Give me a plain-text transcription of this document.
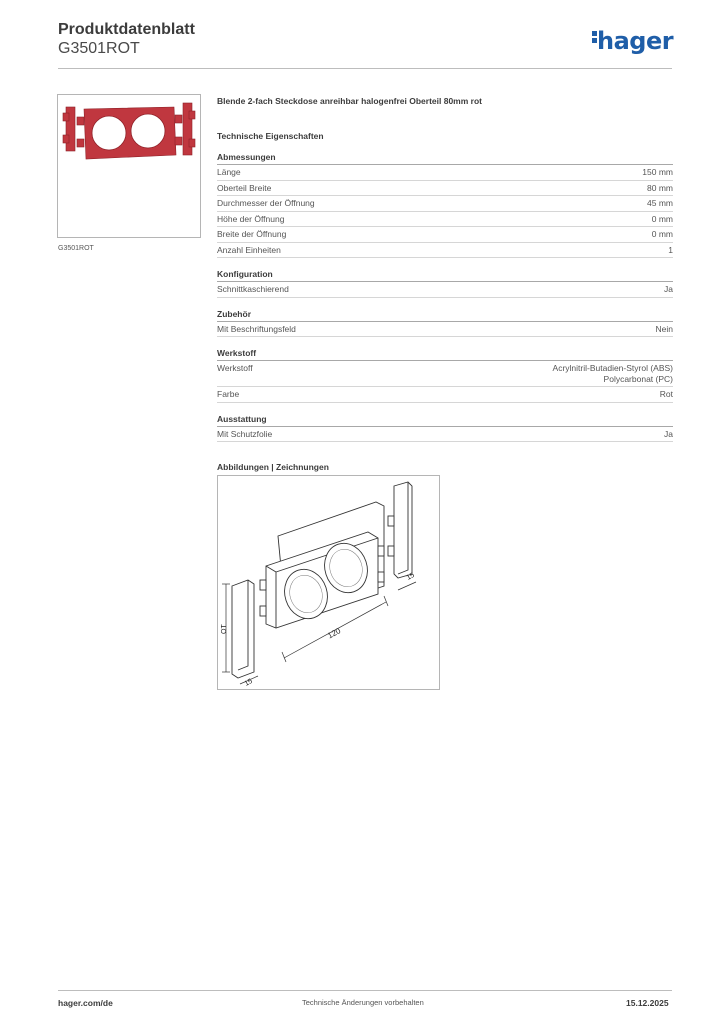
Produktdatenblatt
G3501ROT	hager
G3501ROT
Blende 2-fach Steckdose anreihbar halogenfrei Oberteil 80mm rot
Technische Eigenschaften
Abmessungen
Länge	150 mm
Oberteil Breite	80 mm
Durchmesser der Öffnung	45 mm
Höhe der Öffnung	0 mm
Breite der Öffnung	0 mm
Anzahl Einheiten	1
Konfiguration
Schnittkaschierend	Ja
Zubehör
Mit Beschriftungsfeld	Nein
Werkstoff
Werkstoff	Acrylnitril-Butadien-Styrol (ABS)
Polycarbonat (PC)
Farbe	Rot
Ausstattung
Mit Schutzfolie	Ja
Abbildungen | Zeichnungen
120
15
15
OT
hager.com/de	Technische Änderungen vorbehalten	15.12.2025
